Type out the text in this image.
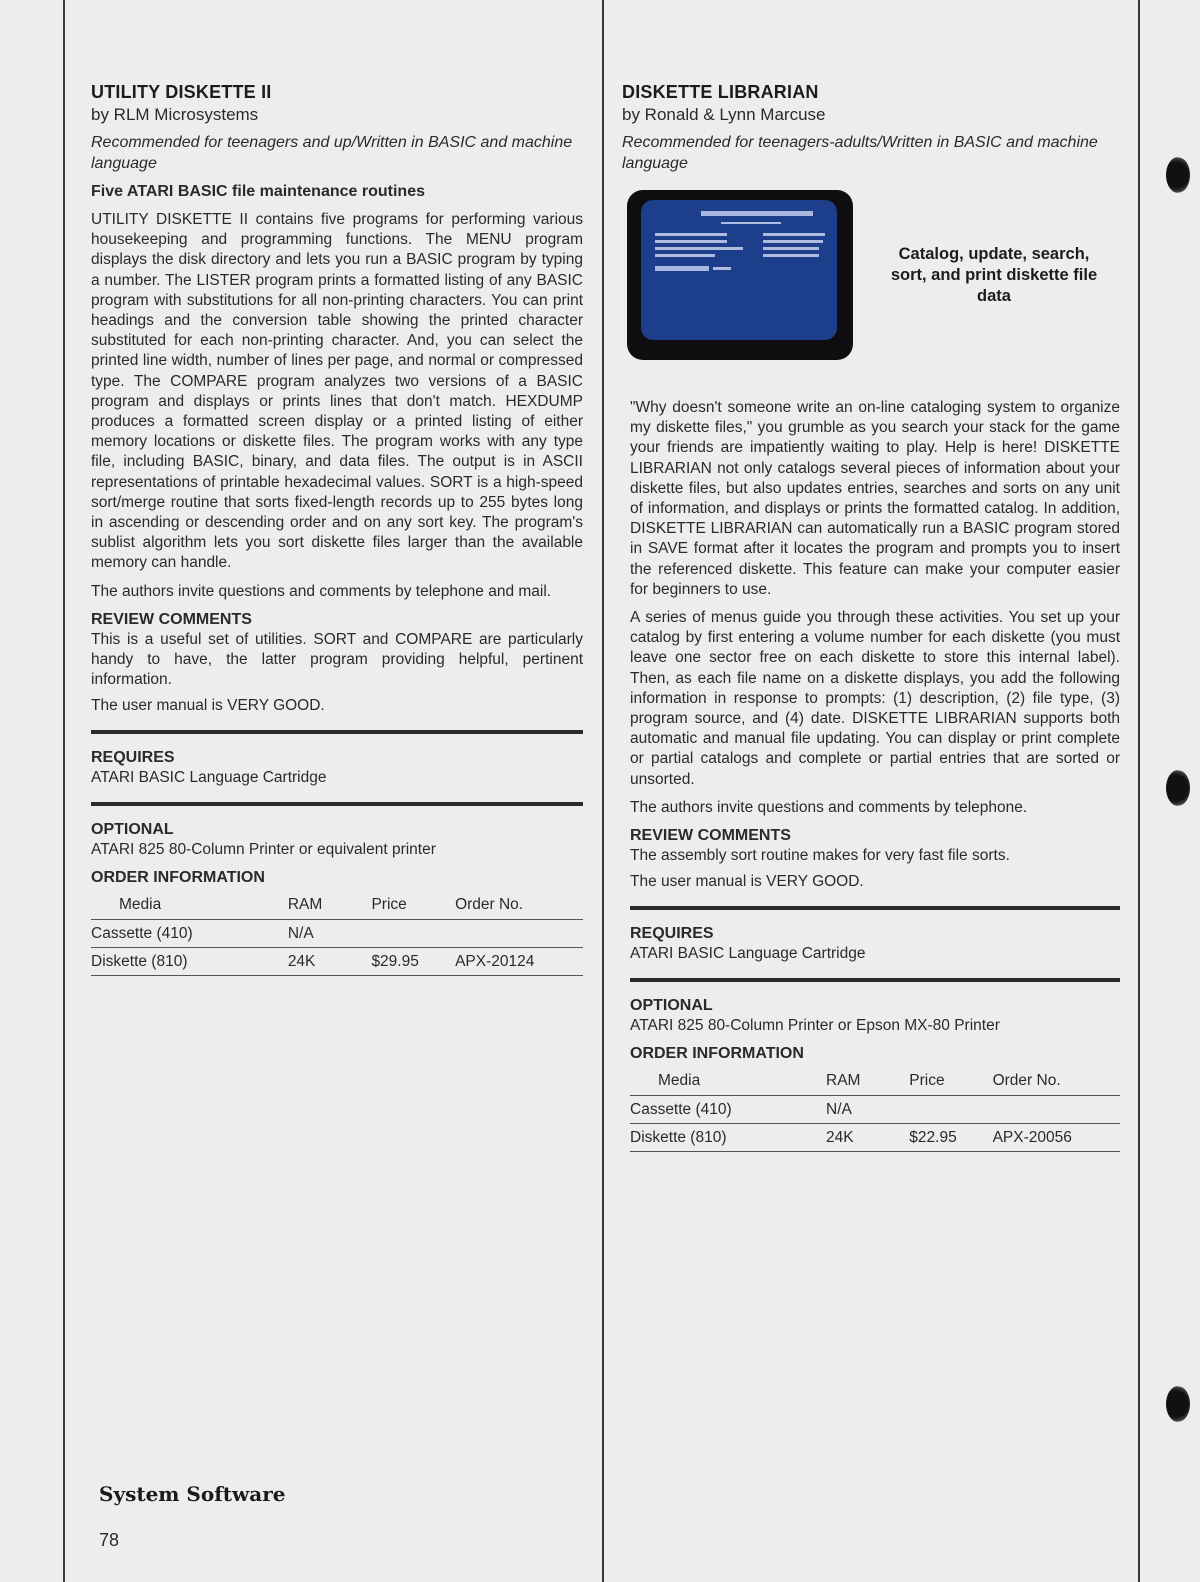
UTILITY DISKETTE II

by RLM Microsystems

Recommended for teenagers and up/Written in BASIC and machine language

Five ATARI BASIC file maintenance routines

UTILITY DISKETTE II contains five programs for performing various housekeeping and programming functions. The MENU program displays the disk directory and lets you run a BASIC program by typing a number. The LISTER program prints a formatted listing of any BASIC program with substitutions for all non-printing characters. You can print headings and the conversion table showing the printed character substituted for each non-printing character. And, you can select the printed line width, number of lines per page, and normal or compressed type. The COMPARE program analyzes two versions of a BASIC program and displays or prints lines that don't match. HEXDUMP produces a formatted screen display or a printed listing of either memory locations or diskette files. The program works with any type file, including BASIC, binary, and data files. The output is in ASCII representations of printable hexadecimal values. SORT is a high-speed sort/merge routine that sorts fixed-length records up to 255 bytes long in ascending or descending order and on any sort key. The program's sublist algorithm lets you sort diskette files larger than the available memory can handle.

The authors invite questions and comments by telephone and mail.

REVIEW COMMENTS

This is a useful set of utilities. SORT and COMPARE are particularly handy to have, the latter program providing helpful, pertinent information.

The user manual is VERY GOOD.

REQUIRES

ATARI BASIC Language Cartridge

OPTIONAL

ATARI 825 80-Column Printer or equivalent printer

ORDER INFORMATION

Media	RAM	Price	Order No.
Cassette (410)	N/A		
Diskette (810)	24K	$29.95	APX-20124
DISKETTE LIBRARIAN

by Ronald & Lynn Marcuse

Recommended for teenagers-adults/Written in BASIC and machine language

Catalog, update, search, sort, and print diskette file data

"Why doesn't someone write an on-line cataloging system to organize my diskette files," you grumble as you search your stack for the game your friends are impatiently waiting to play. Help is here! DISKETTE LIBRARIAN not only catalogs several pieces of information about your diskette files, but also updates entries, searches and sorts on any unit of information, and displays or prints the formatted catalog. In addition, DISKETTE LIBRARIAN can automatically run a BASIC program stored in SAVE format after it locates the program and prompts you to insert the referenced diskette. This feature can make your computer easier for beginners to use.

A series of menus guide you through these activities. You set up your catalog by first entering a volume number for each diskette (you must leave one sector free on each diskette to store this internal label). Then, as each file name on a diskette displays, you add the following information in response to prompts: (1) description, (2) file type, (3) program source, and (4) date. DISKETTE LIBRARIAN supports both automatic and manual file updating. You can display or print complete or partial catalogs and complete or partial entries that are sorted or unsorted.

The authors invite questions and comments by telephone.

REVIEW COMMENTS

The assembly sort routine makes for very fast file sorts.

The user manual is VERY GOOD.

REQUIRES

ATARI BASIC Language Cartridge

OPTIONAL

ATARI 825 80-Column Printer or Epson MX-80 Printer

ORDER INFORMATION

Media	RAM	Price	Order No.
Cassette (410)	N/A		
Diskette (810)	24K	$22.95	APX-20056
System Software
78
